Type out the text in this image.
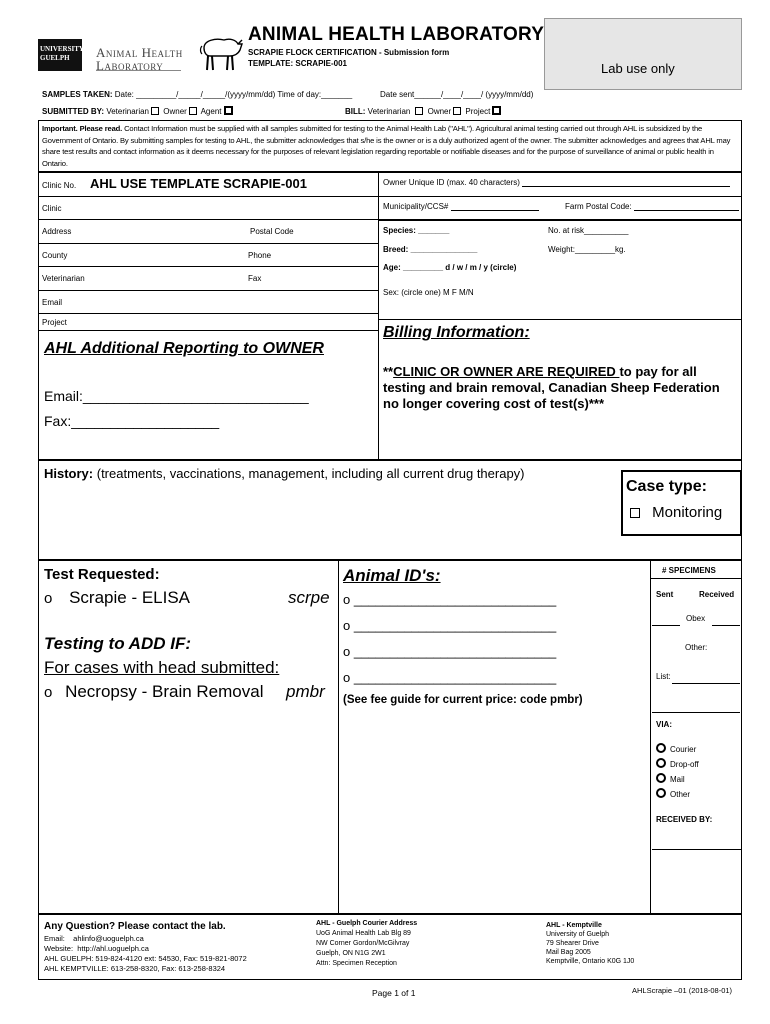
UNIVERSITY
GUELPH	Animal Health
Laboratory
ANIMAL HEALTH LABORATORY
SCRAPIE FLOCK CERTIFICATION - Submission form
TEMPLATE: SCRAPIE-001	Lab use only
SAMPLES TAKEN: Date: _________/_____/_____/(yyyy/mm/dd) Time of day:_______	Date sent______/____/____/ (yyyy/mm/dd)
SUBMITTED BY: Veterinarian Owner Agent	BILL: Veterinarian Owner Project
Important. Please read. Contact Information must be supplied with all samples submitted for testing to the Animal Health Lab ("AHL"). Agricultural animal testing carried out through AHL is subsidized by the Government of Ontario. By submitting samples for testing to AHL, the submitter acknowledges that s/he is the owner or is a duly authorized agent of the owner. The submitter acknowledges and agrees that AHL may share test results and contact information as it deems necessary for the purposes of relevant legislation regarding reportable or notifiable diseases and for the purpose of surveillance of animal or public health in Ontario.
Clinic No. AHL USE TEMPLATE SCRAPIE-001
Clinic
Address	Postal Code
County	Phone
Veterinarian	Fax
Email
Project
Owner Unique ID (max. 40 characters)
Municipality/CCS#	Farm Postal Code:
Species: _______	No. at risk__________
Breed: _______________	Weight:_________kg.
Age: _________ d / w / m / y (circle)
Sex: (circle one) M F M/N
AHL Additional Reporting to OWNER
Email:_____________________________
Fax:___________________
Billing Information:
**CLINIC OR OWNER ARE REQUIRED to pay for all testing and brain removal, Canadian Sheep Federation no longer covering cost of test(s)***
History: (treatments, vaccinations, management, including all current drug therapy)
Case type:
Monitoring
Test Requested:
o Scrapie - ELISA	scrpe
Testing to ADD IF:
For cases with head submitted:
o Necropsy - Brain Removal pmbr
Animal ID's:
o ____________________________
o ____________________________
o ____________________________
o ____________________________
(See fee guide for current price: code pmbr)
# SPECIMENS
Sent	Received
Obex
Other:
List:
VIA:
Courier
Drop-off
Mail
Other
RECEIVED BY:
Any Question? Please contact the lab.
Email:    ahlinfo@uoguelph.ca
Website:  http://ahl.uoguelph.ca
AHL GUELPH: 519-824-4120 ext: 54530, Fax: 519-821-8072
AHL KEMPTVILLE: 613-258-8320, Fax: 613-258-8324
AHL - Guelph Courier Address
UoG Animal Health Lab Blg 89
NW Corner Gordon/McGilvray
Guelph, ON N1G 2W1
Attn: Specimen Reception
AHL - Kemptville
University of Guelph
79 Shearer Drive
Mail Bag 2005
Kemptville, Ontario K0G 1J0
Page 1 of 1	AHLScrapie –01 (2018-08-01)
